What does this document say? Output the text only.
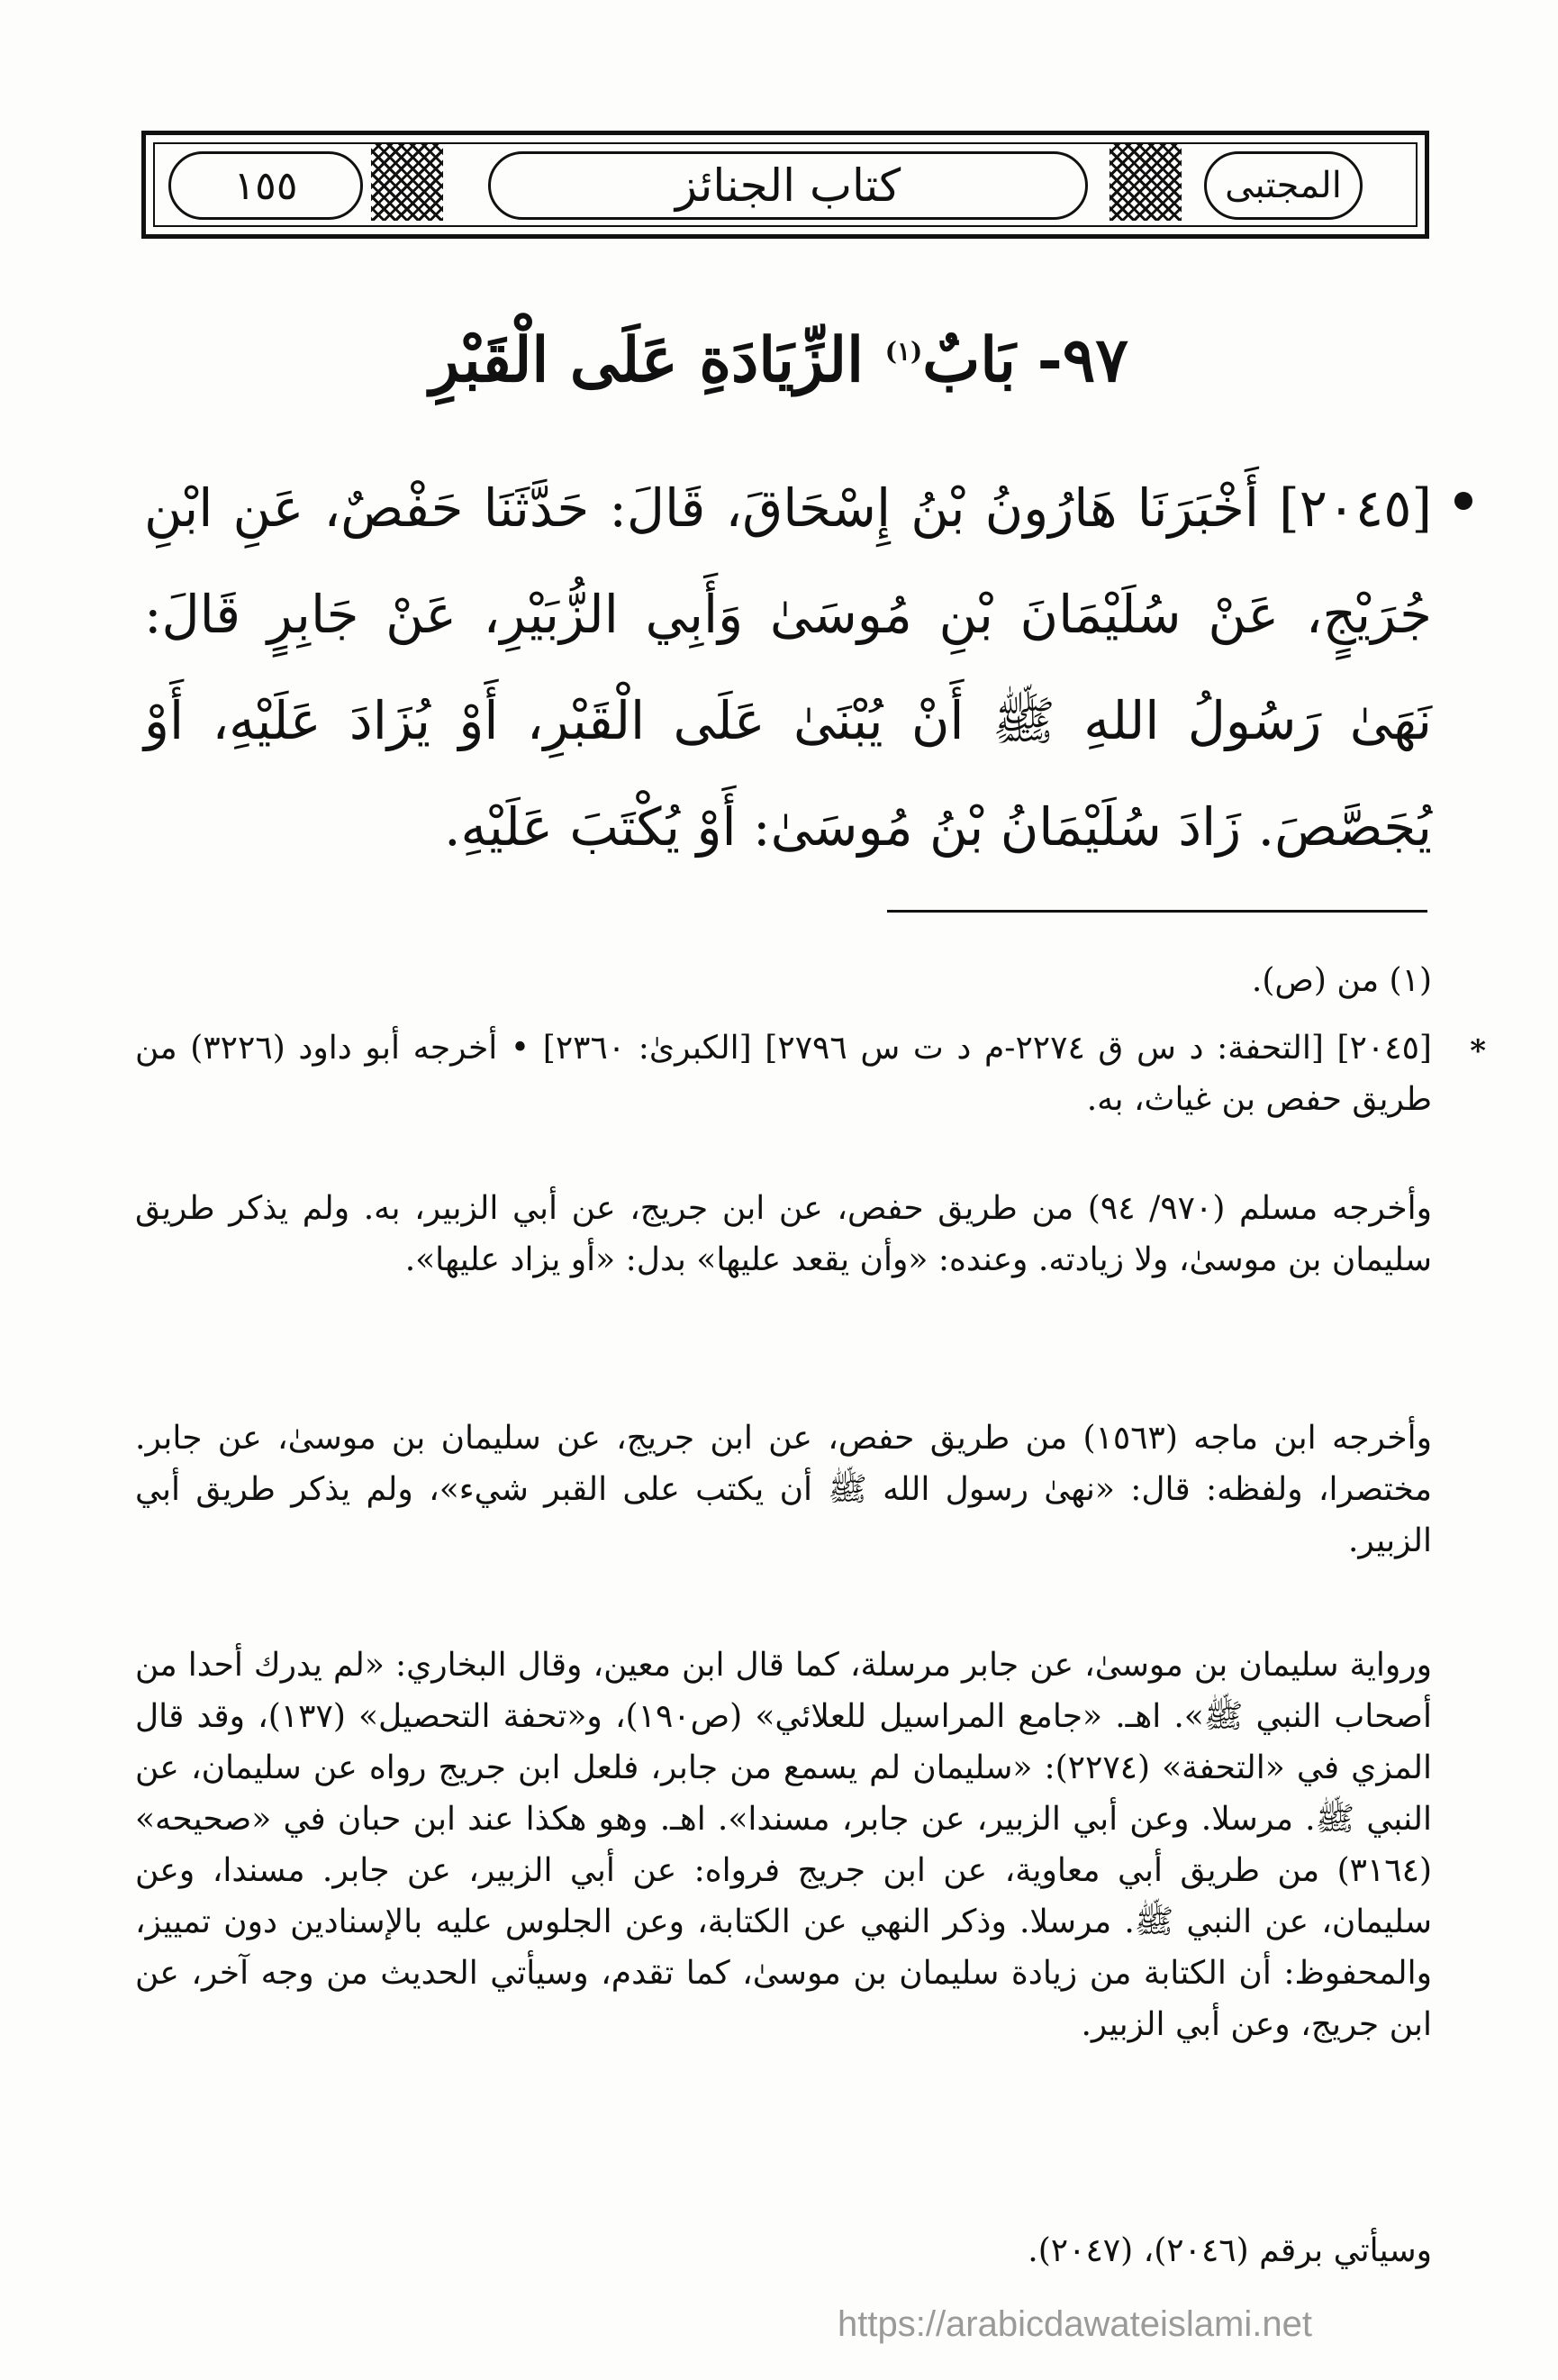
١٥٥	كتاب الجنائز	المجتبى
٩٧- بَابٌ$^{(١)}$ الزِّيَادَةِ عَلَى الْقَبْرِ
[٢٠٤٥] أَخْبَرَنَا هَارُونُ بْنُ إِسْحَاقَ، قَالَ: حَدَّثَنَا حَفْصٌ، عَنِ ابْنِ جُرَيْجٍ، عَنْ سُلَيْمَانَ بْنِ مُوسَىٰ وَأَبِي الزُّبَيْرِ، عَنْ جَابِرٍ قَالَ: نَهَىٰ رَسُولُ اللهِ ﷺ أَنْ يُبْنَىٰ عَلَى الْقَبْرِ، أَوْ يُزَادَ عَلَيْهِ، أَوْ يُجَصَّصَ. زَادَ سُلَيْمَانُ بْنُ مُوسَىٰ: أَوْ يُكْتَبَ عَلَيْهِ.
(١) من (ص).
*
[٢٠٤٥] [التحفة: د س ق ٢٢٧٤-م د ت س ٢٧٩٦] [الكبرىٰ: ٢٣٦٠] • أخرجه أبو داود (٣٢٢٦) من طريق حفص بن غياث، به.
وأخرجه مسلم (٩٧٠/ ٩٤) من طريق حفص، عن ابن جريج، عن أبي الزبير، به. ولم يذكر طريق سليمان بن موسىٰ، ولا زيادته. وعنده: «وأن يقعد عليها» بدل: «أو يزاد عليها».
وأخرجه ابن ماجه (١٥٦٣) من طريق حفص، عن ابن جريج، عن سليمان بن موسىٰ، عن جابر. مختصرا، ولفظه: قال: «نهىٰ رسول الله ﷺ أن يكتب على القبر شيء»، ولم يذكر طريق أبي الزبير.
ورواية سليمان بن موسىٰ، عن جابر مرسلة، كما قال ابن معين، وقال البخاري: «لم يدرك أحدا من أصحاب النبي ﷺ». اهـ. «جامع المراسيل للعلائي» (ص١٩٠)، و«تحفة التحصيل» (١٣٧)، وقد قال المزي في «التحفة» (٢٢٧٤): «سليمان لم يسمع من جابر، فلعل ابن جريج رواه عن سليمان، عن النبي ﷺ. مرسلا. وعن أبي الزبير، عن جابر، مسندا». اهـ. وهو هكذا عند ابن حبان في «صحيحه» (٣١٦٤) من طريق أبي معاوية، عن ابن جريج فرواه: عن أبي الزبير، عن جابر. مسندا، وعن سليمان، عن النبي ﷺ. مرسلا. وذكر النهي عن الكتابة، وعن الجلوس عليه بالإسنادين دون تمييز، والمحفوظ: أن الكتابة من زيادة سليمان بن موسىٰ، كما تقدم، وسيأتي الحديث من وجه آخر، عن ابن جريج، وعن أبي الزبير.
وسيأتي برقم (٢٠٤٦)، (٢٠٤٧).
https://arabicdawateislami.net
